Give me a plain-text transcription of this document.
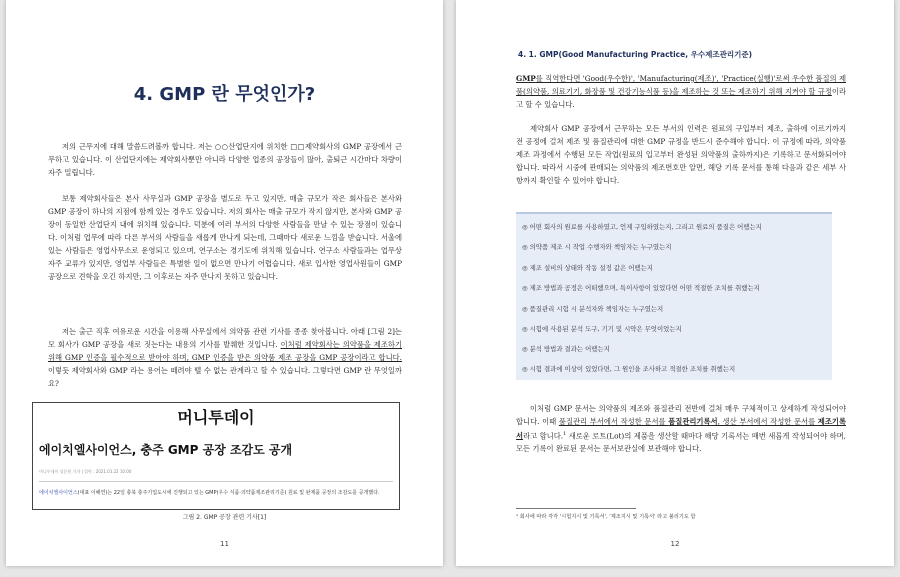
4. GMP 란 무엇인가?

저의 근무지에 대해 말씀드려볼까 합니다. 저는 ○○산업단지에 위치한 □□제약회사의 GMP 공장에서 근무하고 있습니다. 이 산업단지에는 제약회사뿐만 아니라 다양한 업종의 공장들이 많아, 출퇴근 시간마다 차량이 자주 밀립니다.

보통 제약회사들은 본사 사무실과 GMP 공장을 별도로 두고 있지만, 매출 규모가 작은 회사들은 본사와 GMP 공장이 하나의 지점에 함께 있는 경우도 있습니다. 저의 회사는 매출 규모가 작지 않지만, 본사와 GMP 공장이 동일한 산업단지 내에 위치해 있습니다. 덕분에 여러 부서의 다양한 사람들을 만날 수 있는 장점이 있습니다. 이처럼 업무에 따라 다른 부서의 사람들을 새롭게 만나게 되는데, 그때마다 새로운 느낌을 받습니다. 서울에 있는 사람들은 영업사무소로 운영되고 있으며, 연구소는 경기도에 위치해 있습니다. 연구소 사람들과는 업무상 자주 교류가 있지만, 영업부 사람들은 특별한 일이 없으면 만나기 어렵습니다. 새로 입사한 영업사원들이 GMP 공장으로 견학을 오긴 하지만, 그 이후로는 자주 만나지 못하고 있습니다.

저는 출근 직후 여유로운 시간을 이용해 사무실에서 의약품 관련 기사를 종종 찾아봅니다. 아래 [그림 2]는 모 회사가 GMP 공장을 새로 짓는다는 내용의 기사를 발췌한 것입니다. 이처럼 제약회사는 의약품을 제조하기 위해 GMP 인증을 필수적으로 받아야 하며, GMP 인증을 받은 의약품 제조 공장을 GMP 공장이라고 합니다. 이렇듯 제약회사와 GMP 라는 용어는 떼려야 뗄 수 없는 관계라고 할 수 있습니다. 그렇다면 GMP 란 무엇일까요?

머니투데이
에이치엘사이언스, 충주 GMP 공장 조감도 공개
머니투데이 성문원 기자 | 입력 : 2021.03.22 10:00
에이치엘사이언스(대표 이혜연)는 22일 충북 충주기업도시에 진행되고 있는 GMP(우수 식품·의약품제조관리기준) 원료 및 완제품 공장의 조감도를 공개했다.
그림 2. GMP 공장 관련 기사[1]
11
4. 1. GMP(Good Manufacturing Practice, 우수제조관리기준)

GMP를 직역한다면 'Good(우수한)', 'Manufacturing(제조)', 'Practice(실행)'로써 우수한 품질의 제품(의약품, 의료기기, 화장품 및 건강기능식품 등)을 제조하는 것 또는 제조하기 위해 지켜야 할 규정이라고 할 수 있습니다.

제약회사 GMP 공장에서 근무하는 모든 부서의 인력은 원료의 구입부터 제조, 출하에 이르기까지 전 공정에 걸쳐 제조 및 품질관리에 대한 GMP 규정을 반드시 준수해야 합니다. 이 규정에 따라, 의약품 제조 과정에서 수행된 모든 작업(원료의 입고부터 완성된 의약품의 출하까지)은 기록하고 문서화되어야 합니다. 따라서 시중에 판매되는 의약품의 제조번호만 알면, 해당 기록 문서를 통해 다음과 같은 세부 사항까지 확인할 수 있어야 합니다.

◎ 어떤 회사의 원료를 사용하였고, 언제 구입하였는지, 그리고 원료의 품질은 어땠는지
◎ 의약품 제조 시 작업 수행자와 책임자는 누구였는지
◎ 제조 설비의 상태와 작동 설정 값은 어땠는지
◎ 제조 방법과 공정은 어떠했으며, 특이사항이 있었다면 어떤 적절한 조치를 취했는지
◎ 품질관리 시험 시 분석자와 책임자는 누구였는지
◎ 시험에 사용된 분석 도구, 기기 및 시약은 무엇이었는지
◎ 분석 방법과 결과는 어땠는지
◎ 시험 결과에 이상이 있었다면, 그 원인을 조사하고 적절한 조치를 취했는지

이처럼 GMP 문서는 의약품의 제조와 품질관리 전반에 걸쳐 매우 구체적이고 상세하게 작성되어야 합니다. 이때 품질관리 부서에서 작성한 문서를 품질관리기록서, 생산 부서에서 작성한 문서를 제조기록서라고 합니다.$^1$ 새로운 로트(Lot)의 제품을 생산할 때마다 해당 기록서는 매번 새롭게 작성되어야 하며, 모든 기록이 완료된 문서는 문서보관실에 보관해야 합니다.

¹ 회사에 따라 각각 '시험지시 및 기록서', '제조지시 및 기록서' 라고 불리기도 함
12
